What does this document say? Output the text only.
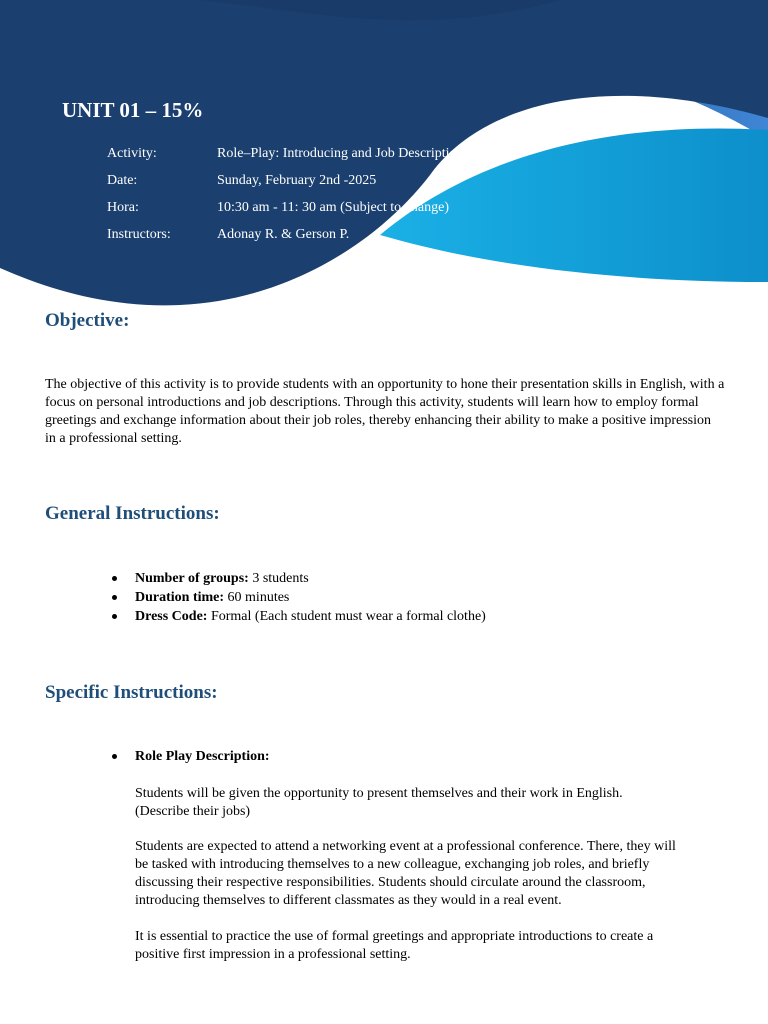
UNIT 01 – 15%
Activity:	Role–Play: Introducing and Job Description
Date:	Sunday, February 2nd -2025
Hora:	10:30 am - 11: 30 am (Subject to change)
Instructors:	Adonay R. & Gerson P.
Objective:

The objective of this activity is to provide students with an opportunity to hone their presentation skills in English, with a focus on personal introductions and job descriptions. Through this activity, students will learn how to employ formal greetings and exchange information about their job roles, thereby enhancing their ability to make a positive impression in a professional setting.

General Instructions:
Number of groups: 3 students
Duration time: 60 minutes
Dress Code: Formal (Each student must wear a formal clothe)
Specific Instructions:
Role Play Description:

Students will be given the opportunity to present themselves and their work in English. (Describe their jobs)

Students are expected to attend a networking event at a professional conference. There, they will be tasked with introducing themselves to a new colleague, exchanging job roles, and briefly discussing their respective responsibilities. Students should circulate around the classroom, introducing themselves to different classmates as they would in a real event.

It is essential to practice the use of formal greetings and appropriate introductions to create a positive first impression in a professional setting.
